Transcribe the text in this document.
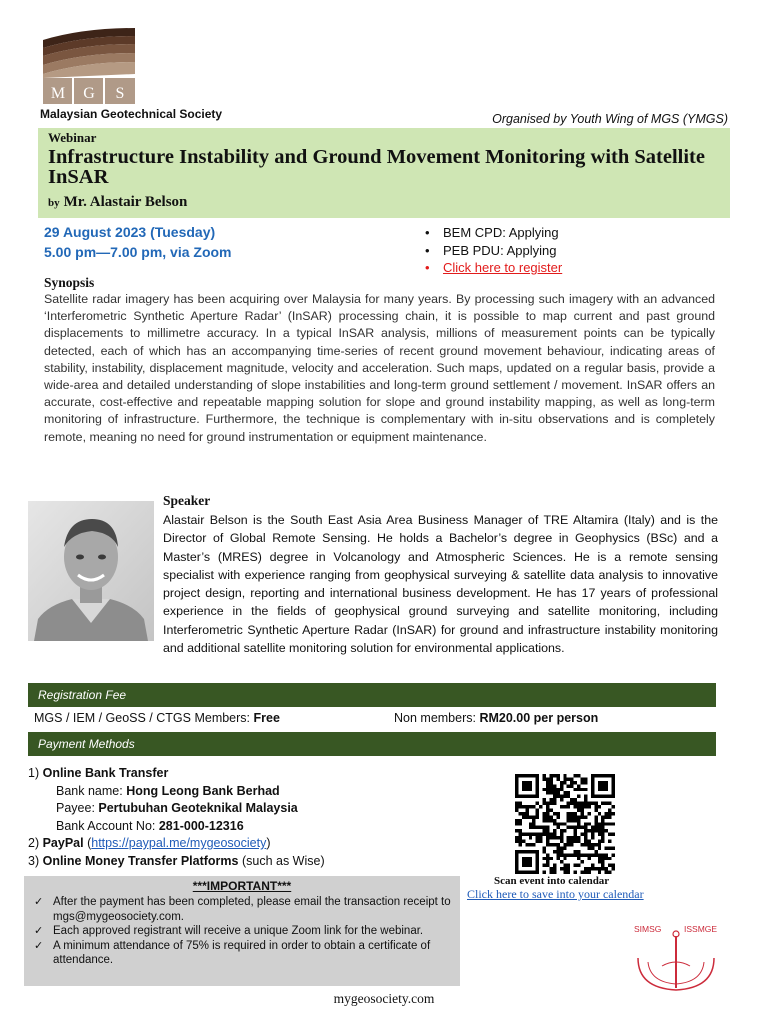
M G S
Malaysian Geotechnical Society	Organised by Youth Wing of MGS (YMGS)
Webinar
Infrastructure Instability and Ground Movement Monitoring with Satellite InSAR
by Mr. Alastair Belson
29 August 2023 (Tuesday)
5.00 pm—7.00 pm, via Zoom
• BEM CPD: Applying
• PEB PDU: Applying
• Click here to register
Synopsis
Satellite radar imagery has been acquiring over Malaysia for many years. By processing such imagery with an advanced ‘Interferometric Synthetic Aperture Radar’ (InSAR) processing chain, it is possible to map current and past ground displacements to millimetre accuracy. In a typical InSAR analysis, millions of measurement points can be typically detected, each of which has an accompanying time-series of recent ground movement behaviour, indicating areas of stability, instability, displacement magnitude, velocity and acceleration. Such maps, updated on a regular basis, provide a wide-area and detailed understanding of slope instabilities and long-term ground settlement / movement. InSAR offers an accurate, cost-effective and repeatable mapping solution for slope and ground instability mapping, as well as long-term monitoring of infrastructure. Furthermore, the technique is complementary with in-situ observations and is completely remote, meaning no need for ground instrumentation or equipment maintenance.
Speaker
Alastair Belson is the South East Asia Area Business Manager of TRE Altamira (Italy) and is the Director of Global Remote Sensing. He holds a Bachelor’s degree in Geophysics (BSc) and a Master’s (MRES) degree in Volcanology and Atmospheric Sciences. He is a remote sensing specialist with experience ranging from geophysical surveying & satellite data analysis to innovative project design, reporting and international business development. He has 17 years of professional experience in the fields of geophysical ground surveying and satellite monitoring, including Interferometric Synthetic Aperture Radar (InSAR) for ground and infrastructure instability monitoring and additional satellite monitoring solution for environmental applications.
Registration Fee
MGS / IEM / GeoSS / CTGS Members: Free	Non members: RM20.00 per person
Payment Methods
1) Online Bank Transfer
Bank name: Hong Leong Bank Berhad
Payee: Pertubuhan Geoteknikal Malaysia
Bank Account No: 281-000-12316
2) PayPal (https://paypal.me/mygeosociety)
3) Online Money Transfer Platforms (such as Wise)
***IMPORTANT***
✓ After the payment has been completed, please email the transaction receipt to mgs@mygeosociety.com.
✓ Each approved registrant will receive a unique Zoom link for the webinar.
✓ A minimum attendance of 75% is required in order to obtain a certificate of attendance.
Scan event into calendar
Click here to save into your calendar
SIMSG	ISSMGE
mygeosociety.com
